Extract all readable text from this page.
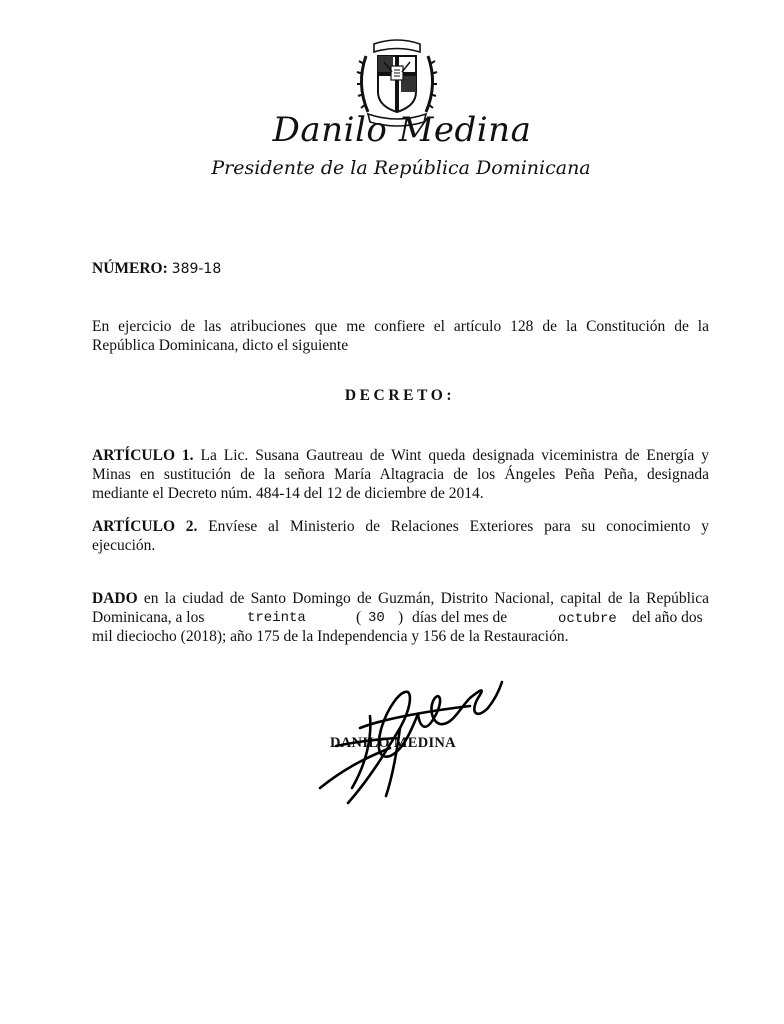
Danilo Medina
Presidente de la República Dominicana
NÚMERO: 389-18
En ejercicio de las atribuciones que me confiere el artículo 128 de la Constitución de la
República Dominicana, dicto el siguiente
DECRETO:
ARTÍCULO 1. La Lic. Susana Gautreau de Wint queda designada viceministra de Energía y
Minas en sustitución de la señora María Altagracia de los Ángeles Peña Peña, designada
mediante el Decreto núm. 484-14 del 12 de diciembre de 2014.
ARTÍCULO 2. Envíese al Ministerio de Relaciones Exteriores para su conocimiento y
ejecución.
DADO en la ciudad de Santo Domingo de Guzmán, Distrito Nacional, capital de la República
Dominicana, a los	treinta	( 30 ) días del mes de	octubre del año dos
mil dieciocho (2018); año 175 de la Independencia y 156 de la Restauración.
DANILO MEDINA
